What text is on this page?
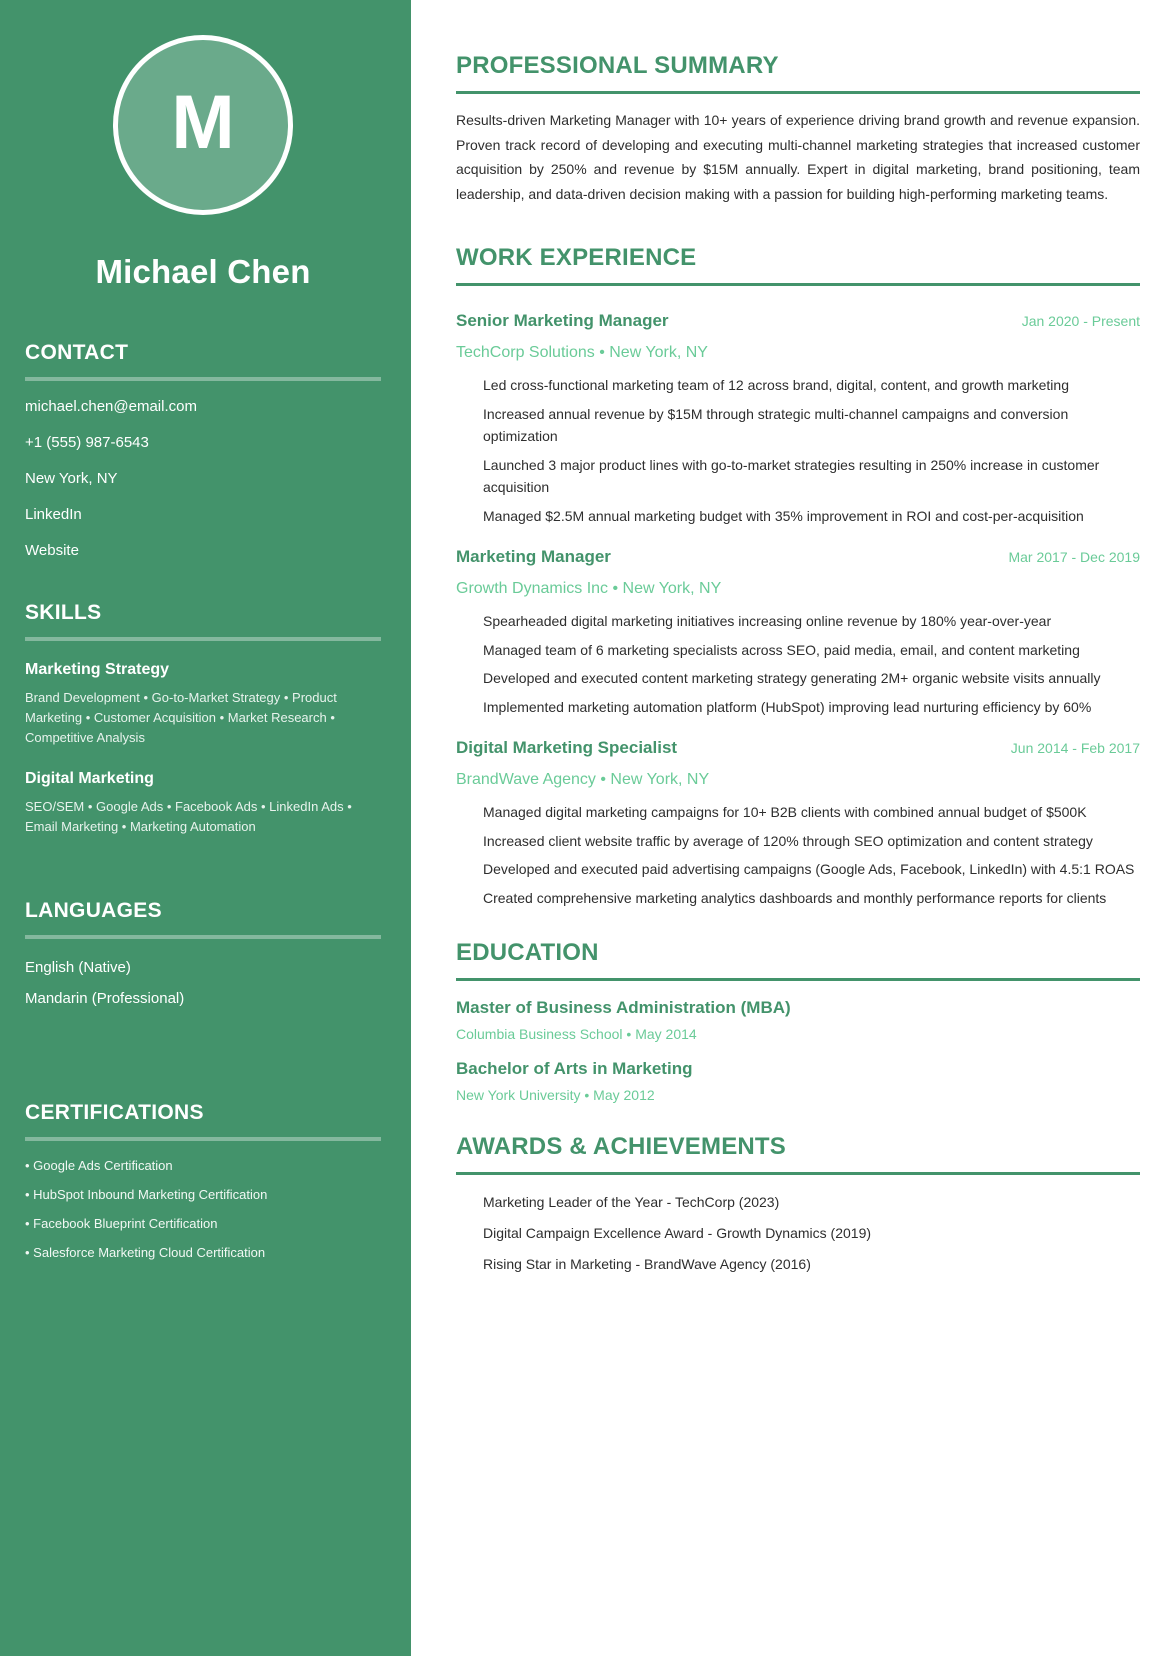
M
Michael Chen
CONTACT
michael.chen@email.com
+1 (555) 987-6543
New York, NY
LinkedIn
Website
SKILLS
Marketing Strategy
Brand Development • Go-to-Market Strategy • Product Marketing • Customer Acquisition • Market Research • Competitive Analysis
Digital Marketing
SEO/SEM • Google Ads • Facebook Ads • LinkedIn Ads • Email Marketing • Marketing Automation
LANGUAGES
English (Native)
Mandarin (Professional)
CERTIFICATIONS
• Google Ads Certification
• HubSpot Inbound Marketing Certification
• Facebook Blueprint Certification
• Salesforce Marketing Cloud Certification
PROFESSIONAL SUMMARY

Results-driven Marketing Manager with 10+ years of experience driving brand growth and revenue expansion. Proven track record of developing and executing multi-channel marketing strategies that increased customer acquisition by 250% and revenue by $15M annually. Expert in digital marketing, brand positioning, team leadership, and data-driven decision making with a passion for building high-performing marketing teams.

WORK EXPERIENCE
Senior Marketing Manager	Jan 2020 - Present
TechCorp Solutions • New York, NY
Led cross-functional marketing team of 12 across brand, digital, content, and growth marketing
Increased annual revenue by $15M through strategic multi-channel campaigns and conversion optimization
Launched 3 major product lines with go-to-market strategies resulting in 250% increase in customer acquisition
Managed $2.5M annual marketing budget with 35% improvement in ROI and cost-per-acquisition
Marketing Manager	Mar 2017 - Dec 2019
Growth Dynamics Inc • New York, NY
Spearheaded digital marketing initiatives increasing online revenue by 180% year-over-year
Managed team of 6 marketing specialists across SEO, paid media, email, and content marketing
Developed and executed content marketing strategy generating 2M+ organic website visits annually
Implemented marketing automation platform (HubSpot) improving lead nurturing efficiency by 60%
Digital Marketing Specialist	Jun 2014 - Feb 2017
BrandWave Agency • New York, NY
Managed digital marketing campaigns for 10+ B2B clients with combined annual budget of $500K
Increased client website traffic by average of 120% through SEO optimization and content strategy
Developed and executed paid advertising campaigns (Google Ads, Facebook, LinkedIn) with 4.5:1 ROAS
Created comprehensive marketing analytics dashboards and monthly performance reports for clients
EDUCATION
Master of Business Administration (MBA)
Columbia Business School • May 2014
Bachelor of Arts in Marketing
New York University • May 2012
AWARDS & ACHIEVEMENTS
Marketing Leader of the Year - TechCorp (2023)
Digital Campaign Excellence Award - Growth Dynamics (2019)
Rising Star in Marketing - BrandWave Agency (2016)
